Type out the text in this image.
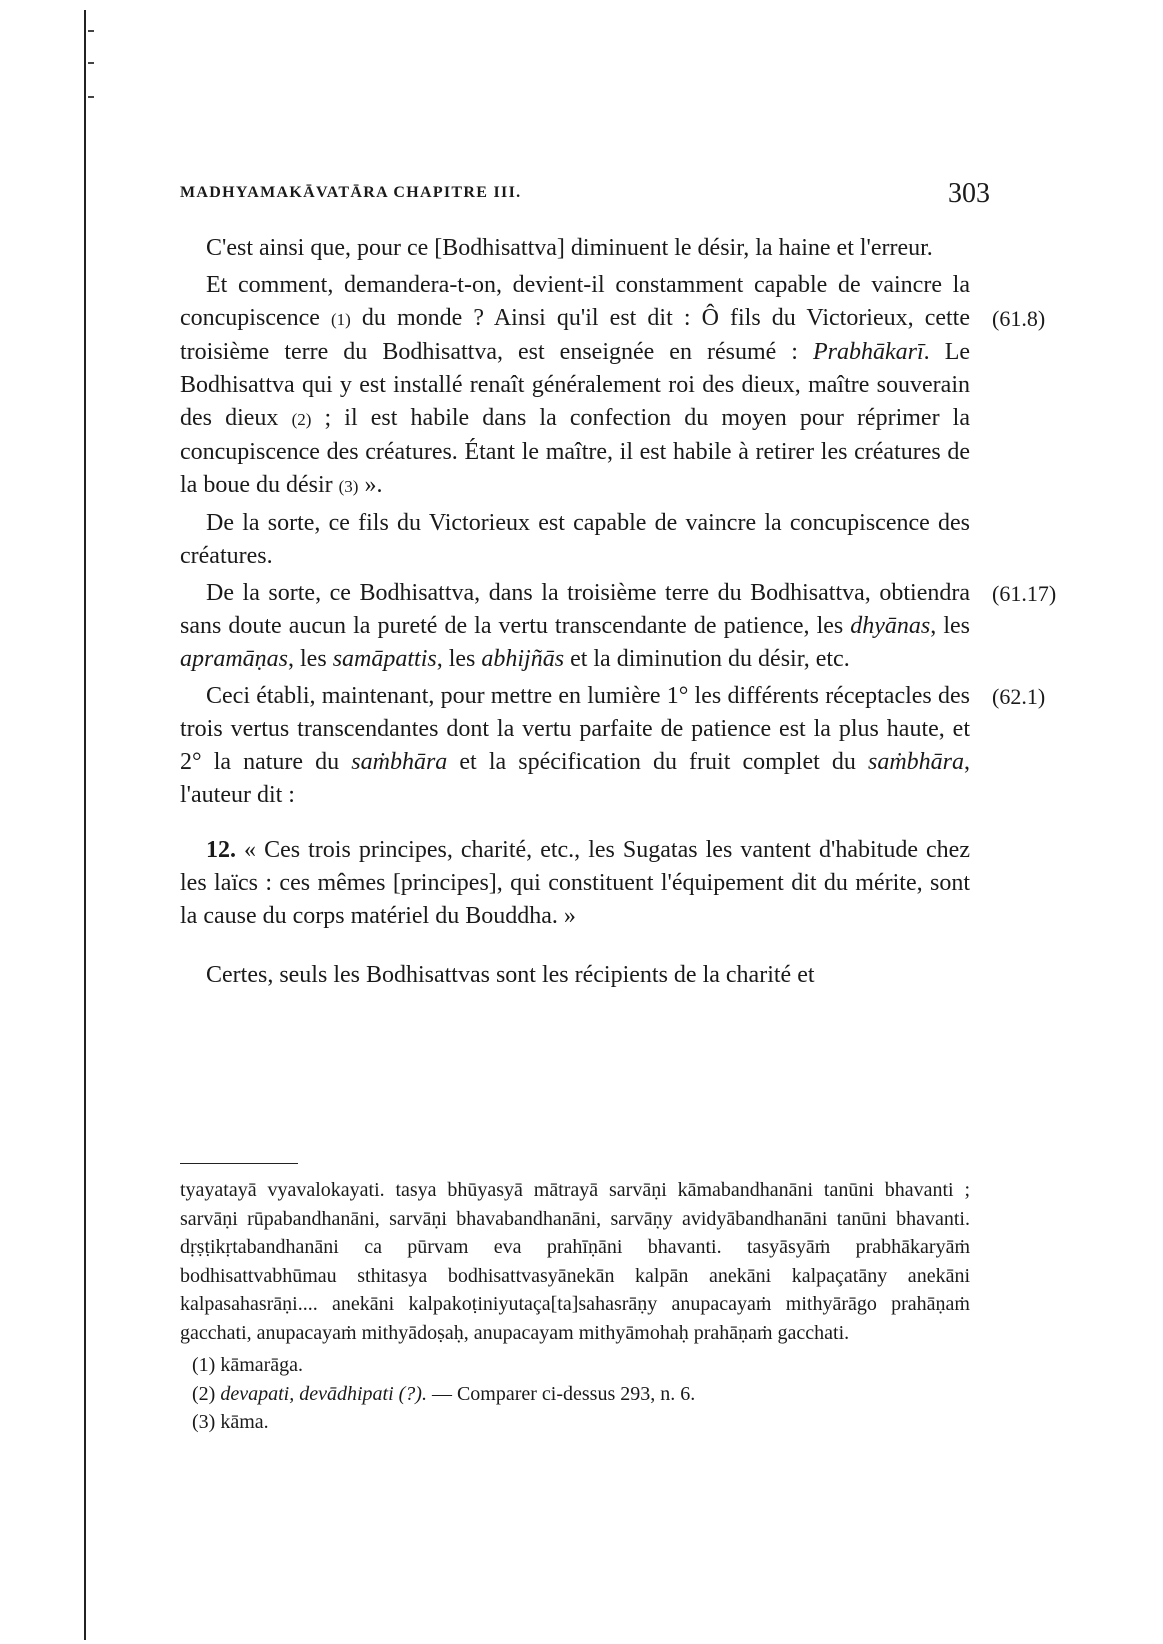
MADHYAMAKĀVATĀRA CHAPITRE III.	303

C'est ainsi que, pour ce [Bodhisattva] diminuent le désir, la haine et l'erreur.

(61.8)
Et comment, demandera-t-on, devient-il constamment capable de vaincre la concupiscence (1) du monde ? Ainsi qu'il est dit : Ô fils du Victorieux, cette troisième terre du Bodhisattva, est enseignée en résumé : Prabhākarī. Le Bodhisattva qui y est installé renaît généralement roi des dieux, maître souverain des dieux (2) ; il est habile dans la confection du moyen pour réprimer la concupiscence des créatures. Étant le maître, il est habile à retirer les créatures de la boue du désir (3) ».

De la sorte, ce fils du Victorieux est capable de vaincre la concupiscence des créatures.

(61.17)
De la sorte, ce Bodhisattva, dans la troisième terre du Bodhisattva, obtiendra sans doute aucun la pureté de la vertu transcendante de patience, les dhyānas, les apramāṇas, les samāpattis, les abhijñās et la diminution du désir, etc.

(62.1)
Ceci établi, maintenant, pour mettre en lumière 1° les différents réceptacles des trois vertus transcendantes dont la vertu parfaite de patience est la plus haute, et 2° la nature du saṁbhāra et la spécification du fruit complet du saṁbhāra, l'auteur dit :

12. « Ces trois principes, charité, etc., les Sugatas les vantent d'habitude chez les laïcs : ces mêmes [principes], qui constituent l'équipement dit du mérite, sont la cause du corps matériel du Bouddha. »

Certes, seuls les Bodhisattvas sont les récipients de la charité et

tyayatayā vyavalokayati. tasya bhūyasyā mātrayā sarvāṇi kāmabandhanāni tanūni bhavanti ; sarvāṇi rūpabandhanāni, sarvāṇi bhavabandhanāni, sarvāṇy avidyābandhanāni tanūni bhavanti. dṛṣṭikṛtabandhanāni ca pūrvam eva prahīṇāni bhavanti. tasyāsyāṁ prabhākaryāṁ bodhisattvabhūmau sthitasya bodhisattvasyānekān kalpān anekāni kalpaçatāny anekāni kalpasahasrāṇi.... anekāni kalpakoṭiniyutaça[ta]sahasrāṇy anupacayaṁ mithyārāgo prahāṇaṁ gacchati, anupacayaṁ mithyādoṣaḥ, anupacayam mithyāmohaḥ prahāṇaṁ gacchati.

(1) kāmarāga.

(2) devapati, devādhipati (?). — Comparer ci-dessus 293, n. 6.

(3) kāma.
